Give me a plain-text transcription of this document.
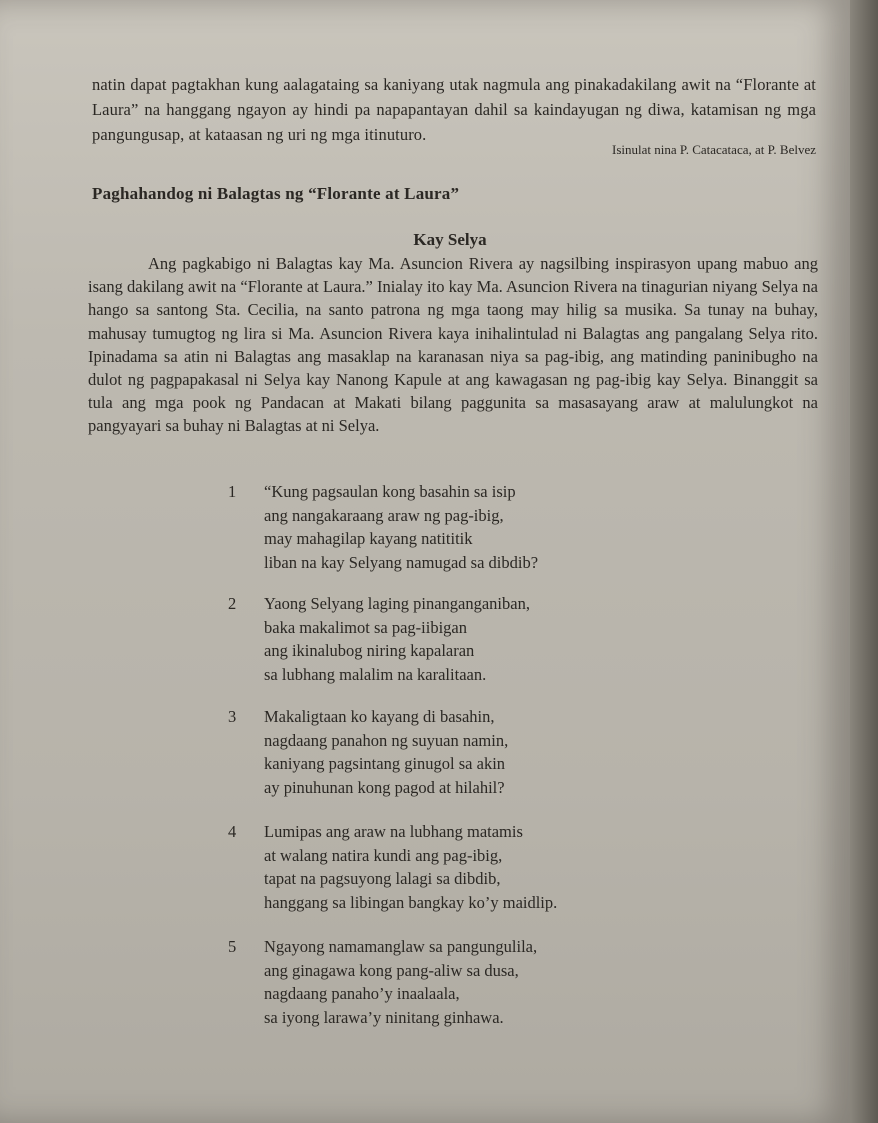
natin dapat pagtakhan kung aalagataing sa kaniyang utak nagmula ang pinakadakilang awit na “Florante at Laura” na hanggang ngayon ay hindi pa napapantayan dahil sa kaindayugan ng diwa, katamisan ng mga pangungusap, at kataasan ng uri ng mga itinuturo.

Isinulat nina P. Catacataca, at P. Belvez
Paghahandog ni Balagtas ng “Florante at Laura”
Kay Selya

Ang pagkabigo ni Balagtas kay Ma. Asuncion Rivera ay nagsilbing inspirasyon upang mabuo ang isang dakilang awit na “Florante at Laura.” Inialay ito kay Ma. Asuncion Rivera na tinagurian niyang Selya na hango sa santong Sta. Cecilia, na santo patrona ng mga taong may hilig sa musika. Sa tunay na buhay, mahusay tumugtog ng lira si Ma. Asuncion Rivera kaya inihalintulad ni Balagtas ang pangalang Selya rito. Ipinadama sa atin ni Balagtas ang masaklap na karanasan niya sa pag-ibig, ang matinding paninibugho na dulot ng pagpapakasal ni Selya kay Nanong Kapule at ang kawagasan ng pag-ibig kay Selya. Binanggit sa tula ang mga pook ng Pandacan at Makati bilang paggunita sa masasayang araw at malulungkot na pangyayari sa buhay ni Balagtas at ni Selya.

1	“Kung pagsaulan kong basahin sa isip
ang nangakaraang araw ng pag-ibig,
may mahagilap kayang natititik
liban na kay Selyang namugad sa dibdib?
2	Yaong Selyang laging pinanganganiban,
baka makalimot sa pag-iibigan
ang ikinalubog niring kapalaran
sa lubhang malalim na karalitaan.
3	Makaligtaan ko kayang di basahin,
nagdaang panahon ng suyuan namin,
kaniyang pagsintang ginugol sa akin
ay pinuhunan kong pagod at hilahil?
4	Lumipas ang araw na lubhang matamis
at walang natira kundi ang pag-ibig,
tapat na pagsuyong lalagi sa dibdib,
hanggang sa libingan bangkay ko’y maidlip.
5	Ngayong namamanglaw sa pangungulila,
ang ginagawa kong pang-aliw sa dusa,
nagdaang panaho’y inaalaala,
sa iyong larawa’y ninitang ginhawa.
